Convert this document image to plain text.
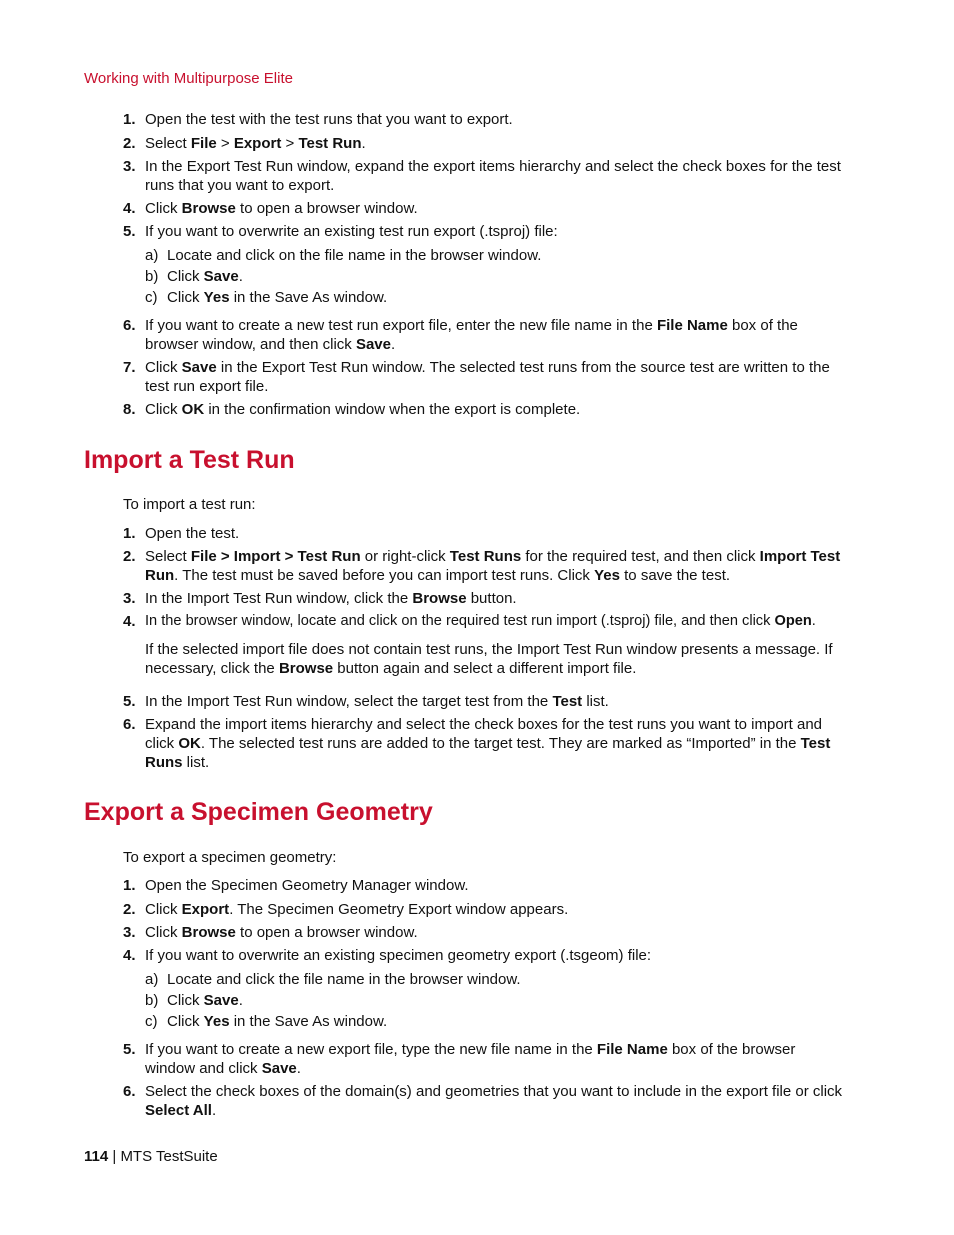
Working with Multipurpose Elite
1. Open the test with the test runs that you want to export.
2. Select File > Export > Test Run.
3. In the Export Test Run window, expand the export items hierarchy and select the check boxes for the test runs that you want to export.
4. Click Browse to open a browser window.
5. If you want to overwrite an existing test run export (.tsproj) file:
a) Locate and click on the file name in the browser window.
b) Click Save.
c) Click Yes in the Save As window.
6. If you want to create a new test run export file, enter the new file name in the File Name box of the browser window, and then click Save.
7. Click Save in the Export Test Run window. The selected test runs from the source test are written to the test run export file.
8. Click OK in the confirmation window when the export is complete.
Import a Test Run
To import a test run:
1. Open the test.
2. Select File > Import > Test Run or right-click Test Runs for the required test, and then click Import Test Run. The test must be saved before you can import test runs. Click Yes to save the test.
3. In the Import Test Run window, click the Browse button.
4. In the browser window, locate and click on the required test run import (.tsproj) file, and then click Open.
If the selected import file does not contain test runs, the Import Test Run window presents a message. If necessary, click the Browse button again and select a different import file.
5. In the Import Test Run window, select the target test from the Test list.
6. Expand the import items hierarchy and select the check boxes for the test runs you want to import and click OK. The selected test runs are added to the target test. They are marked as “Imported” in the Test Runs list.
Export a Specimen Geometry
To export a specimen geometry:
1. Open the Specimen Geometry Manager window.
2. Click Export. The Specimen Geometry Export window appears.
3. Click Browse to open a browser window.
4. If you want to overwrite an existing specimen geometry export (.tsgeom) file:
a) Locate and click the file name in the browser window.
b) Click Save.
c) Click Yes in the Save As window.
5. If you want to create a new export file, type the new file name in the File Name box of the browser window and click Save.
6. Select the check boxes of the domain(s) and geometries that you want to include in the export file or click Select All.
114 | MTS TestSuite
